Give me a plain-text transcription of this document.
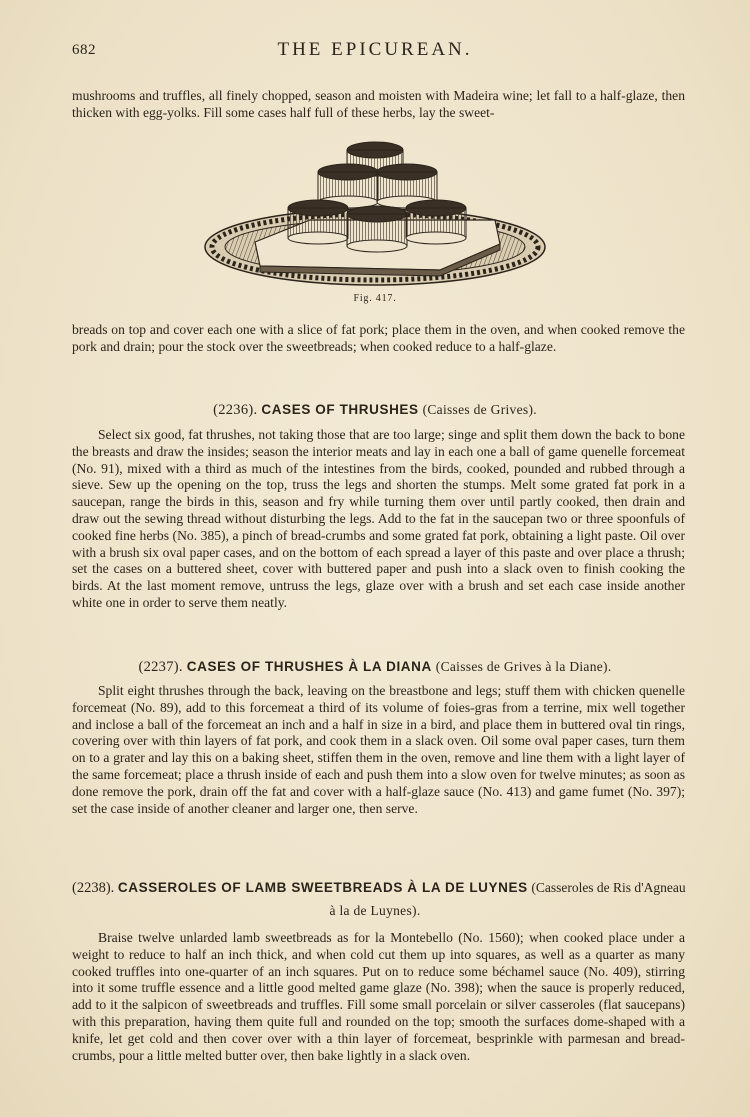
682	THE EPICUREAN.

mushrooms and truffles, all finely chopped, season and moisten with Madeira wine; let fall to a half-glaze, then thicken with egg-yolks. Fill some cases half full of these herbs, lay the sweet-

Fig. 417.

breads on top and cover each one with a slice of fat pork; place them in the oven, and when cooked remove the pork and drain; pour the stock over the sweetbreads; when cooked reduce to a half-glaze.

(2236). CASES OF THRUSHES (Caisses de Grives).

Select six good, fat thrushes, not taking those that are too large; singe and split them down the back to bone the breasts and draw the insides; season the interior meats and lay in each one a ball of game quenelle forcemeat (No. 91), mixed with a third as much of the intestines from the birds, cooked, pounded and rubbed through a sieve. Sew up the opening on the top, truss the legs and shorten the stumps. Melt some grated fat pork in a saucepan, range the birds in this, season and fry while turning them over until partly cooked, then drain and draw out the sewing thread without disturbing the legs. Add to the fat in the saucepan two or three spoonfuls of cooked fine herbs (No. 385), a pinch of bread-crumbs and some grated fat pork, obtaining a light paste. Oil over with a brush six oval paper cases, and on the bottom of each spread a layer of this paste and over place a thrush; set the cases on a buttered sheet, cover with buttered paper and push into a slack oven to finish cooking the birds. At the last moment remove, untruss the legs, glaze over with a brush and set each case inside another white one in order to serve them neatly.

(2237). CASES OF THRUSHES À LA DIANA (Caisses de Grives à la Diane).

Split eight thrushes through the back, leaving on the breastbone and legs; stuff them with chicken quenelle forcemeat (No. 89), add to this forcemeat a third of its volume of foies-gras from a terrine, mix well together and inclose a ball of the forcemeat an inch and a half in size in a bird, and place them in buttered oval tin rings, covering over with thin layers of fat pork, and cook them in a slack oven. Oil some oval paper cases, turn them on to a grater and lay this on a baking sheet, stiffen them in the oven, remove and line them with a light layer of the same forcemeat; place a thrush inside of each and push them into a slow oven for twelve minutes; as soon as done remove the pork, drain off the fat and cover with a half-glaze sauce (No. 413) and game fumet (No. 397); set the case inside of another cleaner and larger one, then serve.

(2238). CASSEROLES OF LAMB SWEETBREADS À LA DE LUYNES (Casseroles de Ris d'Agneau
à la de Luynes).

Braise twelve unlarded lamb sweetbreads as for la Montebello (No. 1560); when cooked place under a weight to reduce to half an inch thick, and when cold cut them up into squares, as well as a quarter as many cooked truffles into one-quarter of an inch squares. Put on to reduce some béchamel sauce (No. 409), stirring into it some truffle essence and a little good melted game glaze (No. 398); when the sauce is properly reduced, add to it the salpicon of sweetbreads and truffles. Fill some small porcelain or silver casseroles (flat saucepans) with this preparation, having them quite full and rounded on the top; smooth the surfaces dome-shaped with a knife, let get cold and then cover over with a thin layer of forcemeat, besprinkle with parmesan and bread-crumbs, pour a little melted butter over, then bake lightly in a slack oven.
